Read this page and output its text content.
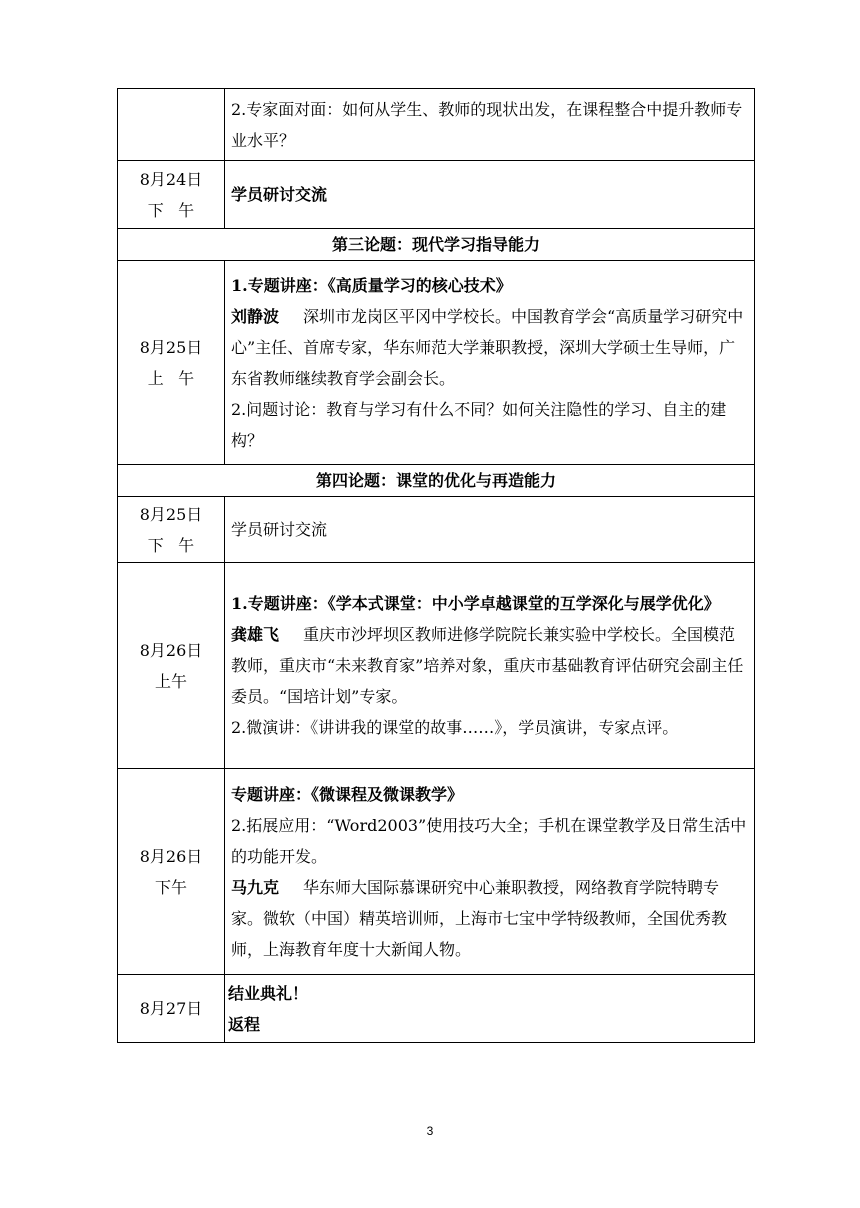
	2.专家面对面：如何从学生、教师的现状出发，在课程整合中提升教师专业水平？

8月24日
下午	学员研讨交流
第三论题：现代学习指导能力	

8月25日
上午	1.专题讲座：《高质量学习的核心技术》
刘静波 深圳市龙岗区平冈中学校长。中国教育学会“高质量学习研究中心”主任、首席专家，华东师范大学兼职教授，深圳大学硕士生导师，广东省教师继续教育学会副会长。
2.问题讨论：教育与学习有什么不同？如何关注隐性的学习、自主的建构？

第四论题：课堂的优化与再造能力	

8月25日
下午	学员研讨交流

8月26日
上午	1.专题讲座：《学本式课堂：中小学卓越课堂的互学深化与展学优化》
龚雄飞 重庆市沙坪坝区教师进修学院院长兼实验中学校长。全国模范教师，重庆市“未来教育家”培养对象，重庆市基础教育评估研究会副主任委员。“国培计划”专家。
2.微演讲：《讲讲我的课堂的故事……》，学员演讲，专家点评。

8月26日
下午	专题讲座：《微课程及微课教学》
2.拓展应用：“Word2003”使用技巧大全；手机在课堂教学及日常生活中的功能开发。
马九克 华东师大国际慕课研究中心兼职教授，网络教育学院特聘专家。微软（中国）精英培训师，上海市七宝中学特级教师，全国优秀教师，上海教育年度十大新闻人物。

8月27日	结业典礼！
返程
3
